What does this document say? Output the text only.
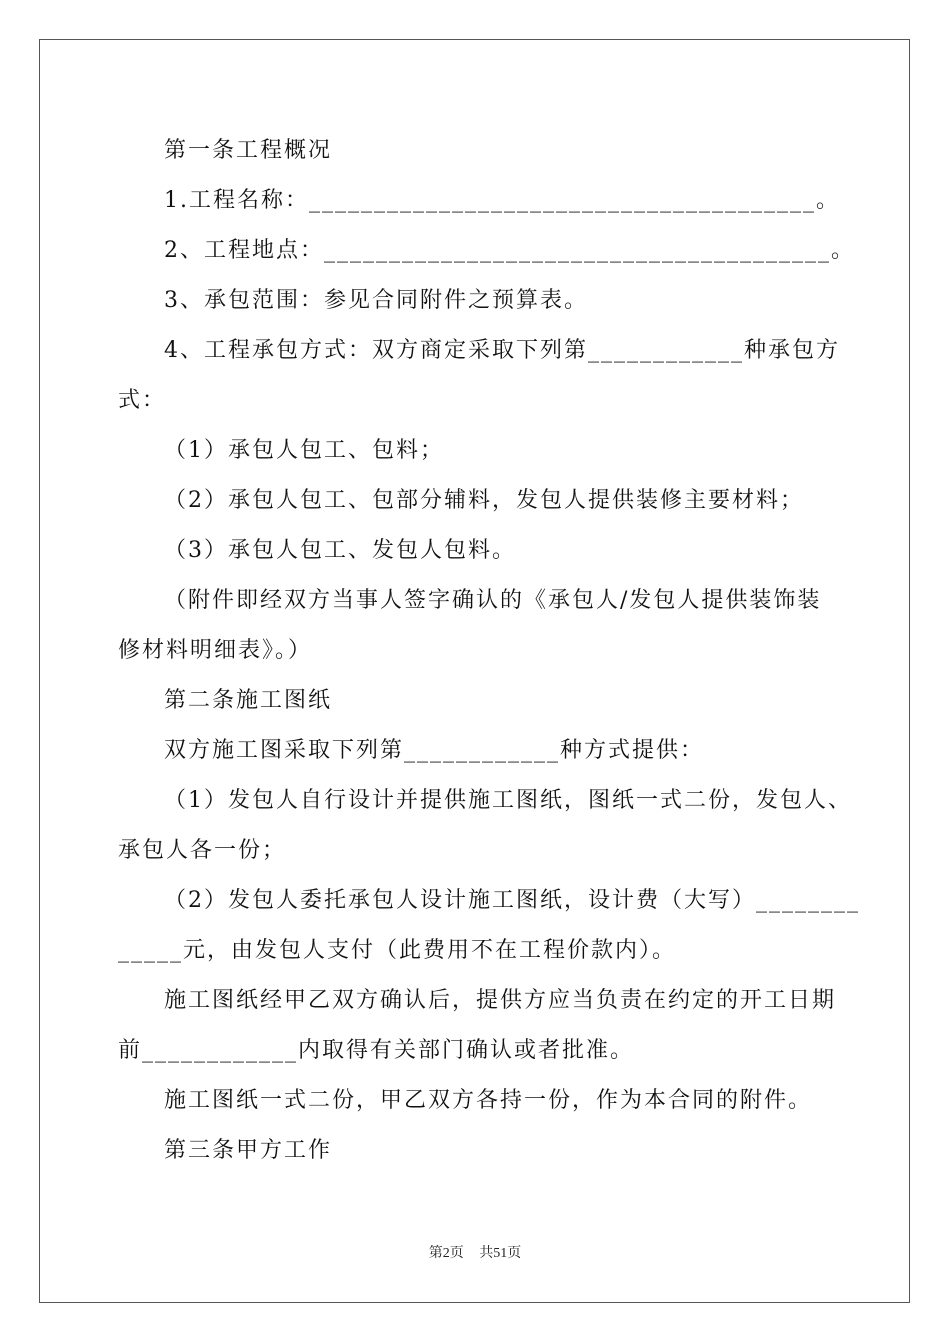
第一条工程概况
1.工程名称：_______________________________________。
2、工程地点：_______________________________________。
3、承包范围：参见合同附件之预算表。
4、工程承包方式：双方商定采取下列第____________种承包方
式：
（1）承包人包工、包料；
（2）承包人包工、包部分辅料，发包人提供装修主要材料；
（3）承包人包工、发包人包料。
（附件即经双方当事人签字确认的《承包人/发包人提供装饰装
修材料明细表》。）
第二条施工图纸
双方施工图采取下列第____________种方式提供：
（1）发包人自行设计并提供施工图纸，图纸一式二份，发包人、
承包人各一份；
（2）发包人委托承包人设计施工图纸，设计费（大写）________
_____元，由发包人支付（此费用不在工程价款内）。
施工图纸经甲乙双方确认后，提供方应当负责在约定的开工日期
前____________内取得有关部门确认或者批准。
施工图纸一式二份，甲乙双方各持一份，作为本合同的附件。
第三条甲方工作
第2页 共51页
